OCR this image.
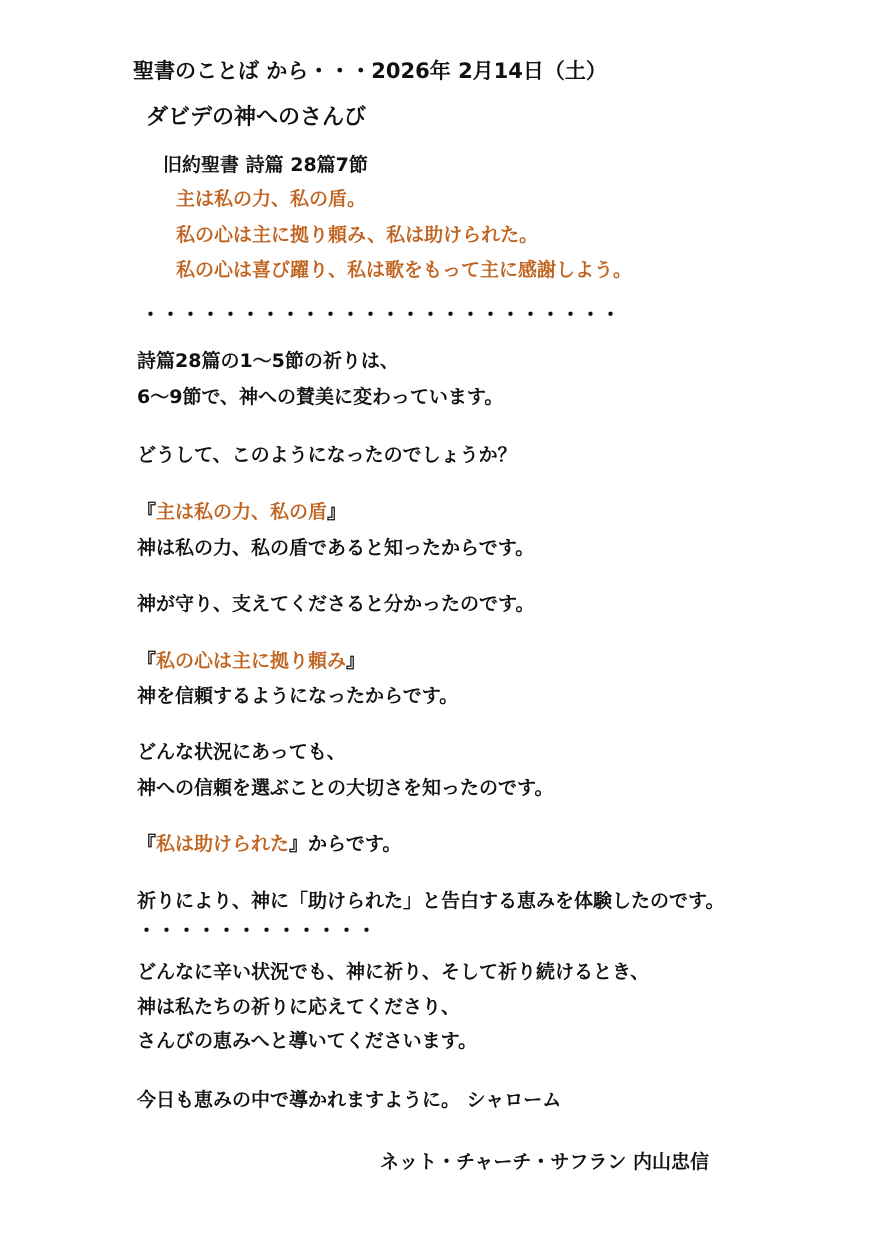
聖書のことば から・・・2026年 2月14日（土）
ダビデの神へのさんび
旧約聖書 詩篇 28篇7節
主は私の力、私の盾。
私の心は主に拠り頼み、私は助けられた。
私の心は喜び躍り、私は歌をもって主に感謝しよう。
・・・・・・・・・・・・・・・・・・・・・・・・
詩篇28篇の1～5節の祈りは、
6～9節で、神への賛美に変わっています。
どうして、このようになったのでしょうか？
『主は私の力、私の盾』
神は私の力、私の盾であると知ったからです。
神が守り、支えてくださると分かったのです。
『私の心は主に拠り頼み』
神を信頼するようになったからです。
どんな状況にあっても、
神への信頼を選ぶことの大切さを知ったのです。
『私は助けられた』からです。
祈りにより、神に「助けられた」と告白する恵みを体験したのです。
・・・・・・・・・・・・
どんなに辛い状況でも、神に祈り、そして祈り続けるとき、
神は私たちの祈りに応えてくださり、
さんびの恵みへと導いてくださいます。
今日も恵みの中で導かれますように。 シャローム
ネット・チャーチ・サフラン 内山忠信
